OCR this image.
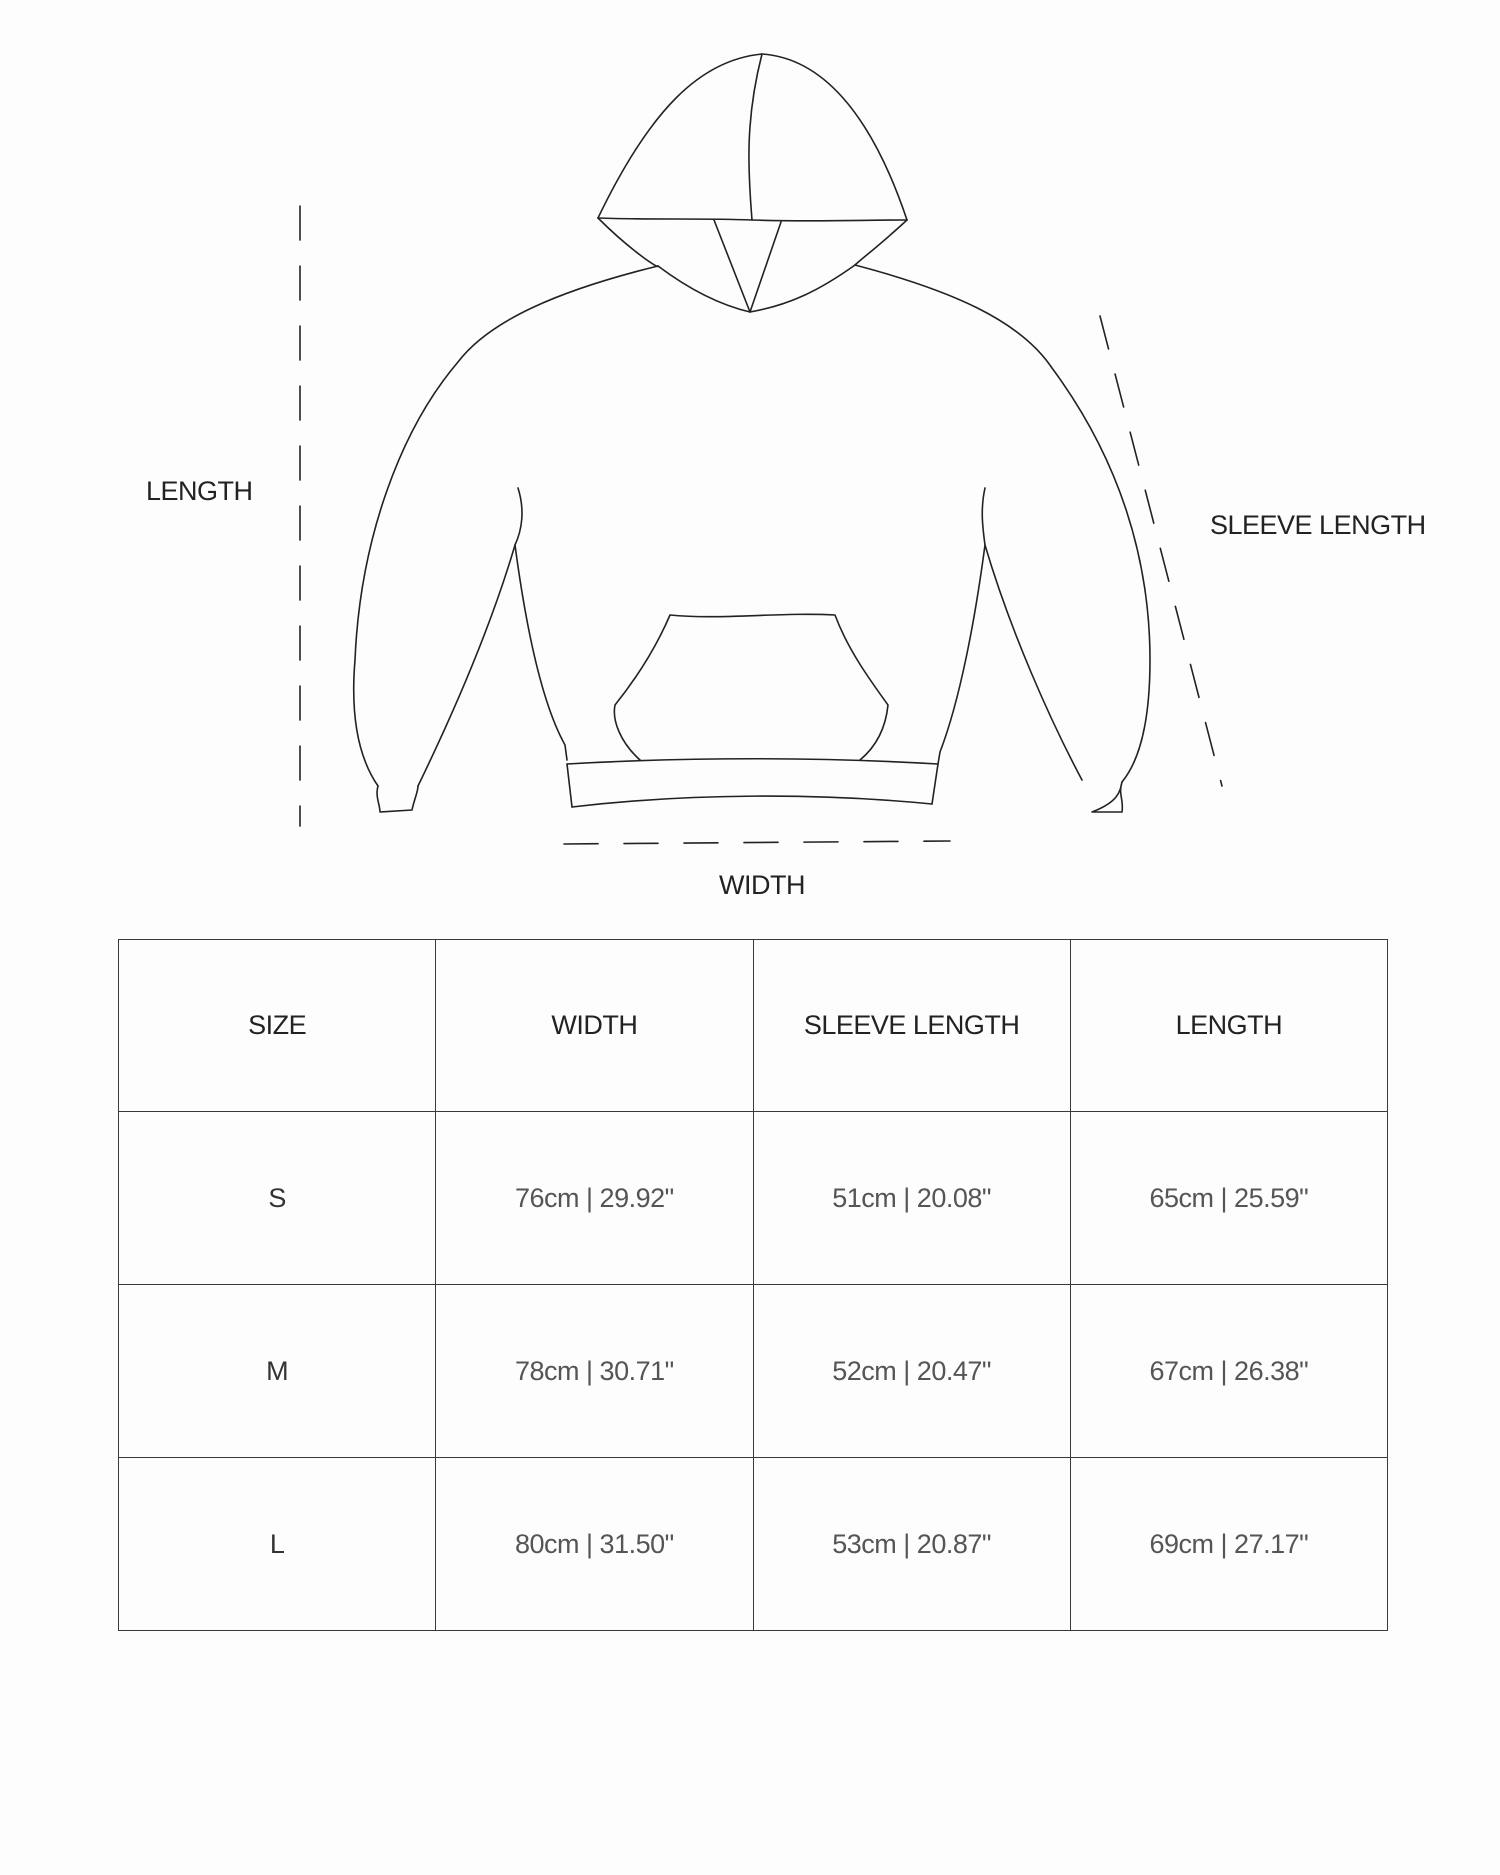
LENGTH
SLEEVE LENGTH
WIDTH
SIZE	WIDTH	SLEEVE LENGTH	LENGTH
S	76cm | 29.92"	51cm | 20.08"	65cm | 25.59"
M	78cm | 30.71"	52cm | 20.47"	67cm | 26.38"
L	80cm | 31.50"	53cm | 20.87"	69cm | 27.17"
